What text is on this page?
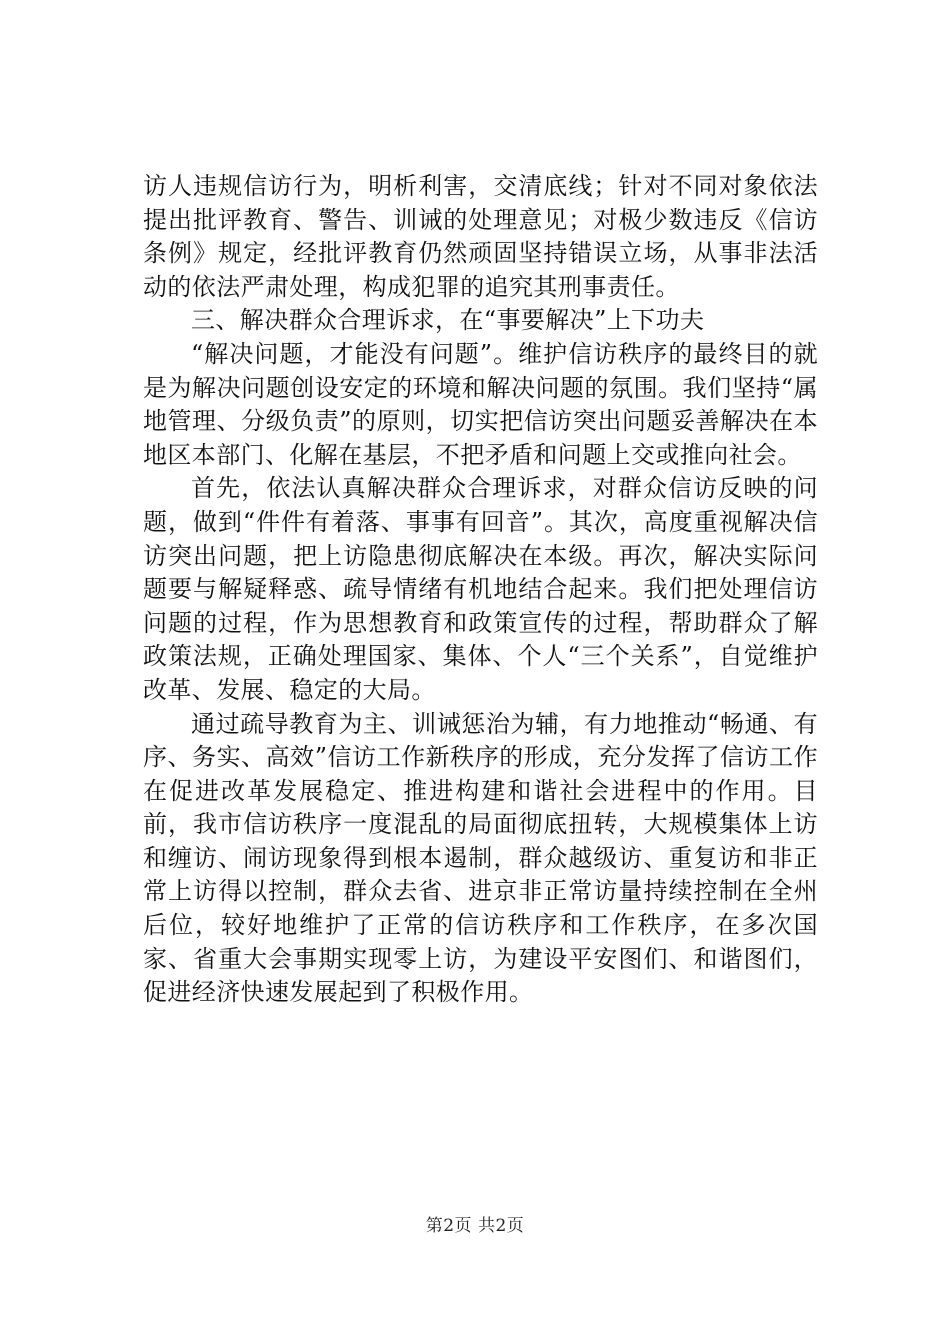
访人违规信访行为，明析利害，交清底线；针对不同对象依法提出批评教育、警告、训诫的处理意见；对极少数违反《信访条例》规定，经批评教育仍然顽固坚持错误立场，从事非法活动的依法严肃处理，构成犯罪的追究其刑事责任。

三、解决群众合理诉求，在“事要解决”上下功夫

“解决问题，才能没有问题”。维护信访秩序的最终目的就是为解决问题创设安定的环境和解决问题的氛围。我们坚持“属地管理、分级负责”的原则，切实把信访突出问题妥善解决在本地区本部门、化解在基层，不把矛盾和问题上交或推向社会。

首先，依法认真解决群众合理诉求，对群众信访反映的问题，做到“件件有着落、事事有回音”。其次，高度重视解决信访突出问题，把上访隐患彻底解决在本级。再次，解决实际问题要与解疑释惑、疏导情绪有机地结合起来。我们把处理信访问题的过程，作为思想教育和政策宣传的过程，帮助群众了解政策法规，正确处理国家、集体、个人“三个关系”，自觉维护改革、发展、稳定的大局。

通过疏导教育为主、训诫惩治为辅，有力地推动“畅通、有序、务实、高效”信访工作新秩序的形成，充分发挥了信访工作在促进改革发展稳定、推进构建和谐社会进程中的作用。目前，我市信访秩序一度混乱的局面彻底扭转，大规模集体上访和缠访、闹访现象得到根本遏制，群众越级访、重复访和非正常上访得以控制，群众去省、进京非正常访量持续控制在全州后位，较好地维护了正常的信访秩序和工作秩序，在多次国家、省重大会事期实现零上访，为建设平安图们、和谐图们，促进经济快速发展起到了积极作用。

第2页 共2页
